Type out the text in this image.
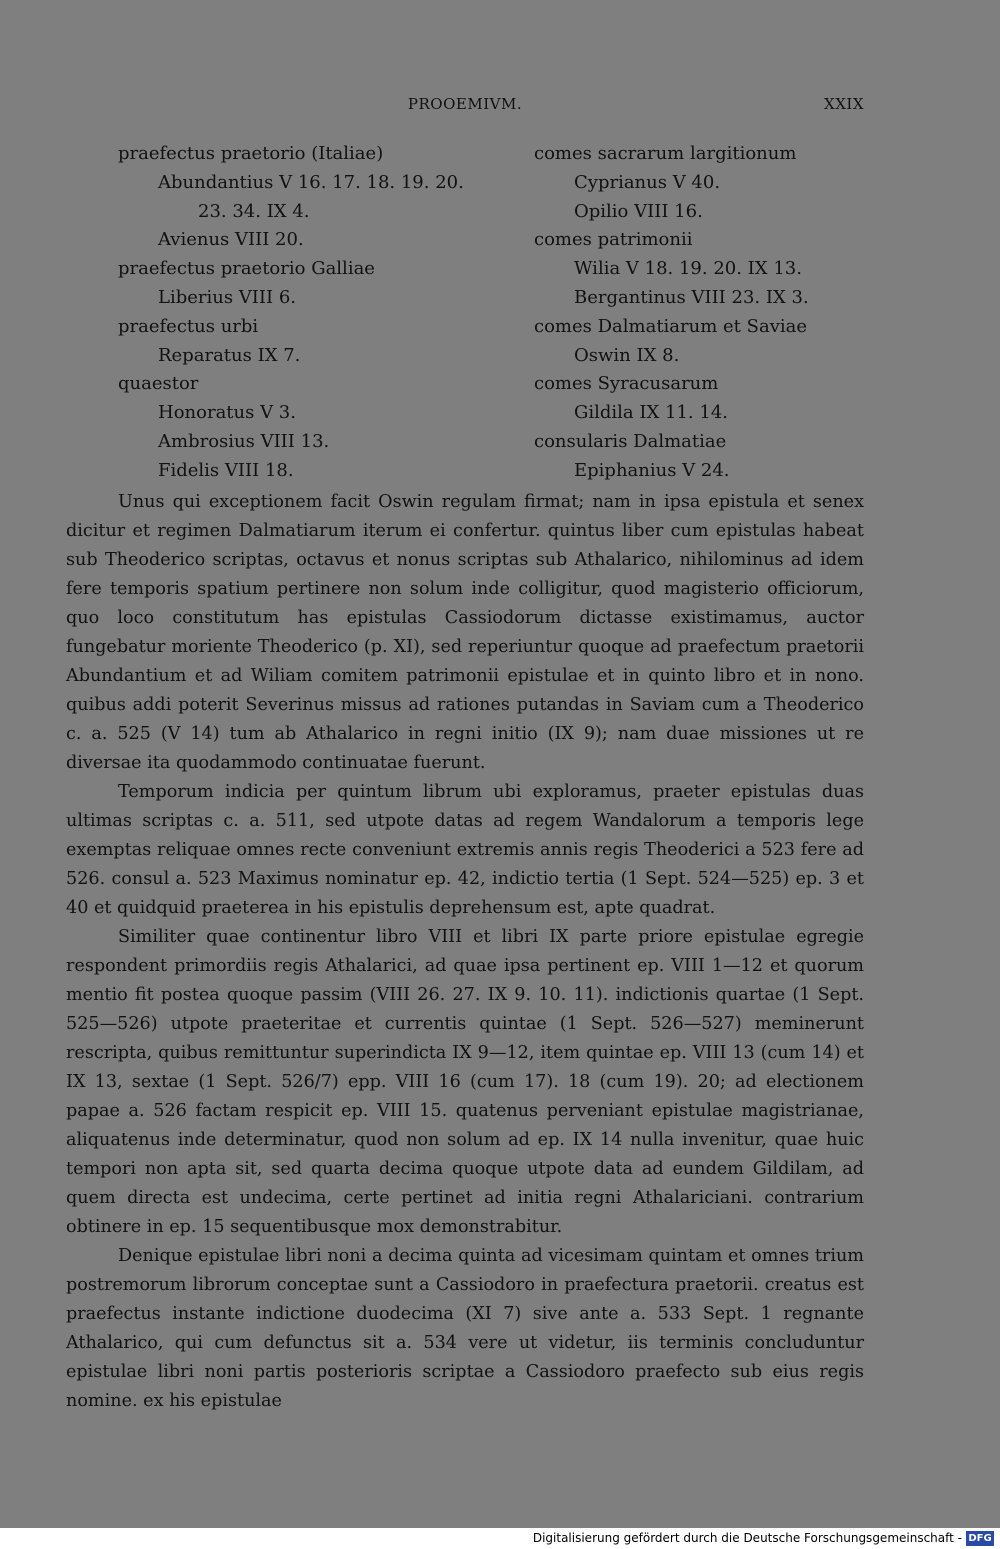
PROOEMIVM.	XXIX
praefectus praetorio (Italiae)
Abundantius V 16. 17. 18. 19. 20.
23. 34. IX 4.
Avienus VIII 20.
praefectus praetorio Galliae
Liberius VIII 6.
praefectus urbi
Reparatus IX 7.
quaestor
Honoratus V 3.
Ambrosius VIII 13.
Fidelis VIII 18.
comes sacrarum largitionum
Cyprianus V 40.
Opilio VIII 16.
comes patrimonii
Wilia V 18. 19. 20. IX 13.
Bergantinus VIII 23. IX 3.
comes Dalmatiarum et Saviae
Oswin IX 8.
comes Syracusarum
Gildila IX 11. 14.
consularis Dalmatiae
Epiphanius V 24.

Unus qui exceptionem facit Oswin regulam firmat; nam in ipsa epistula et senex dicitur et regimen Dalmatiarum iterum ei confertur. quintus liber cum epistulas habeat sub Theoderico scriptas, octavus et nonus scriptas sub Athalarico, nihilominus ad idem fere temporis spatium pertinere non solum inde colligitur, quod magisterio officiorum, quo loco constitutum has epistulas Cassiodorum dictasse existimamus, auctor fungebatur moriente Theoderico (p. XI), sed reperiuntur quoque ad praefectum praetorii Abundantium et ad Wiliam comitem patrimonii epistulae et in quinto libro et in nono. quibus addi poterit Severinus missus ad rationes putandas in Saviam cum a Theoderico c. a. 525 (V 14) tum ab Athalarico in regni initio (IX 9); nam duae missiones ut re diversae ita quodammodo continuatae fuerunt.

Temporum indicia per quintum librum ubi exploramus, praeter epistulas duas ultimas scriptas c. a. 511, sed utpote datas ad regem Wandalorum a temporis lege exemptas reliquae omnes recte conveniunt extremis annis regis Theoderici a 523 fere ad 526. consul a. 523 Maximus nominatur ep. 42, indictio tertia (1 Sept. 524—525) ep. 3 et 40 et quidquid praeterea in his epistulis deprehensum est, apte quadrat.

Similiter quae continentur libro VIII et libri IX parte priore epistulae egregie respondent primordiis regis Athalarici, ad quae ipsa pertinent ep. VIII 1—12 et quorum mentio fit postea quoque passim (VIII 26. 27. IX 9. 10. 11). indictionis quartae (1 Sept. 525—526) utpote praeteritae et currentis quintae (1 Sept. 526—527) meminerunt rescripta, quibus remittuntur superindicta IX 9—12, item quintae ep. VIII 13 (cum 14) et IX 13, sextae (1 Sept. 526/7) epp. VIII 16 (cum 17). 18 (cum 19). 20; ad electionem papae a. 526 factam respicit ep. VIII 15. quatenus perveniant epistulae magistrianae, aliquatenus inde determinatur, quod non solum ad ep. IX 14 nulla invenitur, quae huic tempori non apta sit, sed quarta decima quoque utpote data ad eundem Gildilam, ad quem directa est undecima, certe pertinet ad initia regni Athalariciani. contrarium obtinere in ep. 15 sequentibusque mox demonstrabitur.

Denique epistulae libri noni a decima quinta ad vicesimam quintam et omnes trium postremorum librorum conceptae sunt a Cassiodoro in praefectura praetorii. creatus est praefectus instante indictione duodecima (XI 7) sive ante a. 533 Sept. 1 regnante Athalarico, qui cum defunctus sit a. 534 vere ut videtur, iis terminis concluduntur epistulae libri noni partis posterioris scriptae a Cassiodoro praefecto sub eius regis nomine. ex his epistulae

Digitalisierung gefördert durch die Deutsche Forschungsgemeinschaft - DFG
